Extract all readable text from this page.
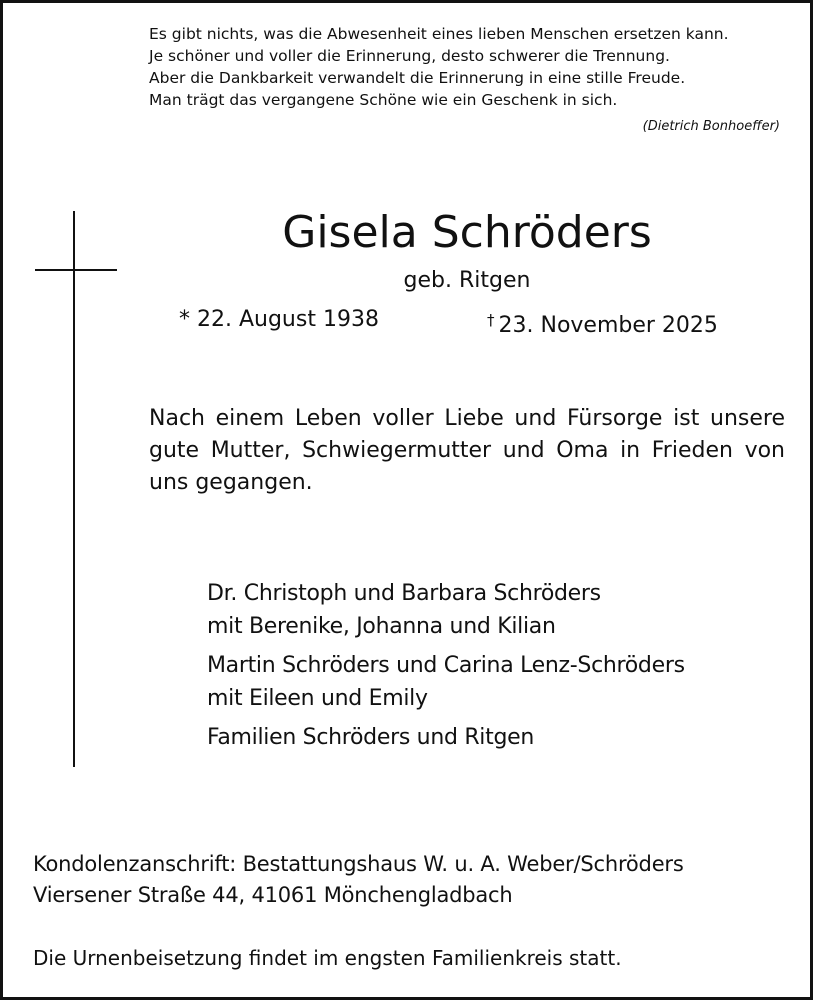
Es gibt nichts, was die Abwesenheit eines lieben Menschen ersetzen kann.
Je schöner und voller die Erinnerung, desto schwerer die Trennung.
Aber die Dankbarkeit verwandelt die Erinnerung in eine stille Freude.
Man trägt das vergangene Schöne wie ein Geschenk in sich.
(Dietrich Bonhoeffer)
Gisela Schröders
geb. Ritgen
* 22. August 1938	† 23. November 2025
Nach einem Leben voller Liebe und Fürsorge ist unsere gute Mutter, Schwiegermutter und Oma in Frieden von uns gegangen.
Dr. Christoph und Barbara Schröders
mit Berenike, Johanna und Kilian
Martin Schröders und Carina Lenz-Schröders
mit Eileen und Emily
Familien Schröders und Ritgen
Kondolenzanschrift: Bestattungshaus W. u. A. Weber/Schröders
Viersener Straße 44, 41061 Mönchengladbach
Die Urnenbeisetzung findet im engsten Familienkreis statt.
